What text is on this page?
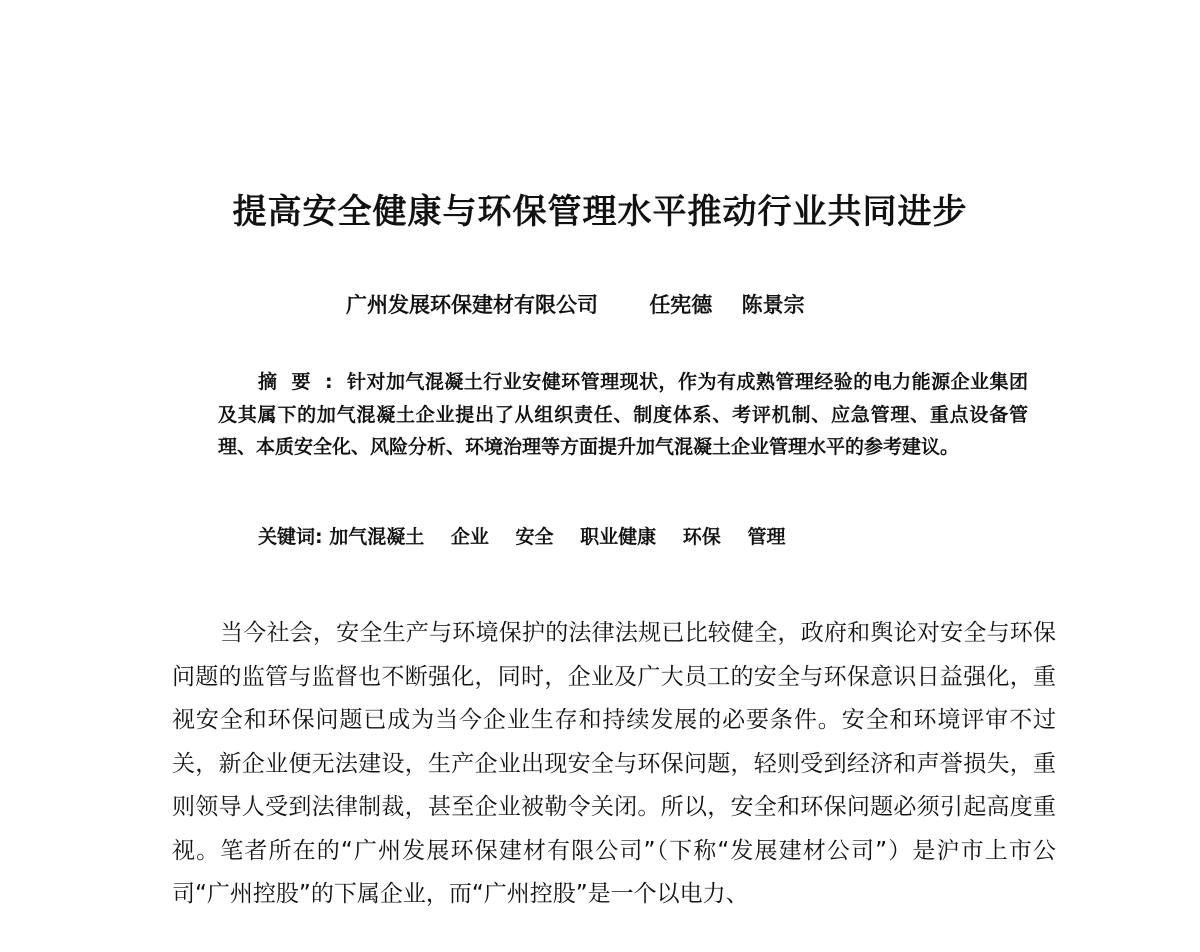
提高安全健康与环保管理水平推动行业共同进步
广州发展环保建材有限公司 任宪德 陈景宗

摘要:针对加气混凝土行业安健环管理现状，作为有成熟管理经验的电力能源企业集团及其属下的加气混凝土企业提出了从组织责任、制度体系、考评机制、应急管理、重点设备管理、本质安全化、风险分析、环境治理等方面提升加气混凝土企业管理水平的参考建议。

关键词: 加气混凝土 企业 安全 职业健康 环保 管理

当今社会，安全生产与环境保护的法律法规已比较健全，政府和舆论对安全与环保问题的监管与监督也不断强化，同时，企业及广大员工的安全与环保意识日益强化，重视安全和环保问题已成为当今企业生存和持续发展的必要条件。安全和环境评审不过关，新企业便无法建设，生产企业出现安全与环保问题，轻则受到经济和声誉损失，重则领导人受到法律制裁，甚至企业被勒令关闭。所以，安全和环保问题必须引起高度重视。笔者所在的“广州发展环保建材有限公司”（下称“发展建材公司”）是沪市上市公司“广州控股”的下属企业，而“广州控股”是一个以电力、
